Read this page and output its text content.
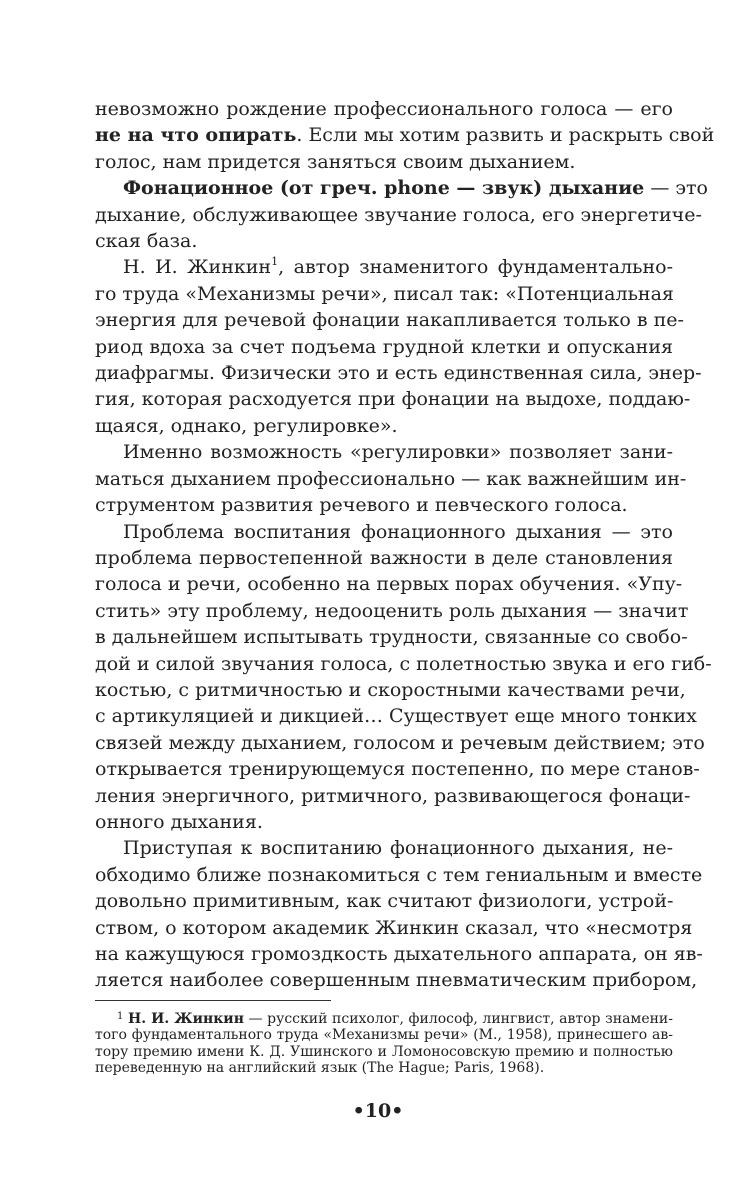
невозможно рождение профессионального голоса — его
не на что опирать. Если мы хотим развить и раскрыть свой
голос, нам придется заняться своим дыханием.
Фонационное (от греч. phone — звук) дыхание — это
дыхание, обслуживающее звучание голоса, его энергетиче-
ская база.
Н. И. Жинкин$^1$, автор знаменитого фундаментально-
го труда «Механизмы речи», писал так: «Потенциальная
энергия для речевой фонации накапливается только в пе-
риод вдоха за счет подъема грудной клетки и опускания
диафрагмы. Физически это и есть единственная сила, энер-
гия, которая расходуется при фонации на выдохе, поддаю-
щаяся, однако, регулировке».
Именно возможность «регулировки» позволяет зани-
маться дыханием профессионально — как важнейшим ин-
струментом развития речевого и певческого голоса.
Проблема воспитания фонационного дыхания — это
проблема первостепенной важности в деле становления
голоса и речи, особенно на первых порах обучения. «Упу-
стить» эту проблему, недооценить роль дыхания — значит
в дальнейшем испытывать трудности, связанные со свобо-
дой и силой звучания голоса, с полетностью звука и его гиб-
костью, с ритмичностью и скоростными качествами речи,
с артикуляцией и дикцией… Существует еще много тонких
связей между дыханием, голосом и речевым действием; это
открывается тренирующемуся постепенно, по мере станов-
ления энергичного, ритмичного, развивающегося фонаци-
онного дыхания.
Приступая к воспитанию фонационного дыхания, не-
обходимо ближе познакомиться с тем гениальным и вместе
довольно примитивным, как считают физиологи, устрой-
ством, о котором академик Жинкин сказал, что «несмотря
на кажущуюся громоздкость дыхательного аппарата, он яв-
ляется наиболее совершенным пневматическим прибором,
$^1$ Н. И. Жинкин — русский психолог, философ, лингвист, автор знамени-
того фундаментального труда «Механизмы речи» (М., 1958), принесшего ав-
тору премию имени К. Д. Ушинского и Ломоносовскую премию и полностью
переведенную на английский язык (The Hague; Paris, 1968).
•10•
